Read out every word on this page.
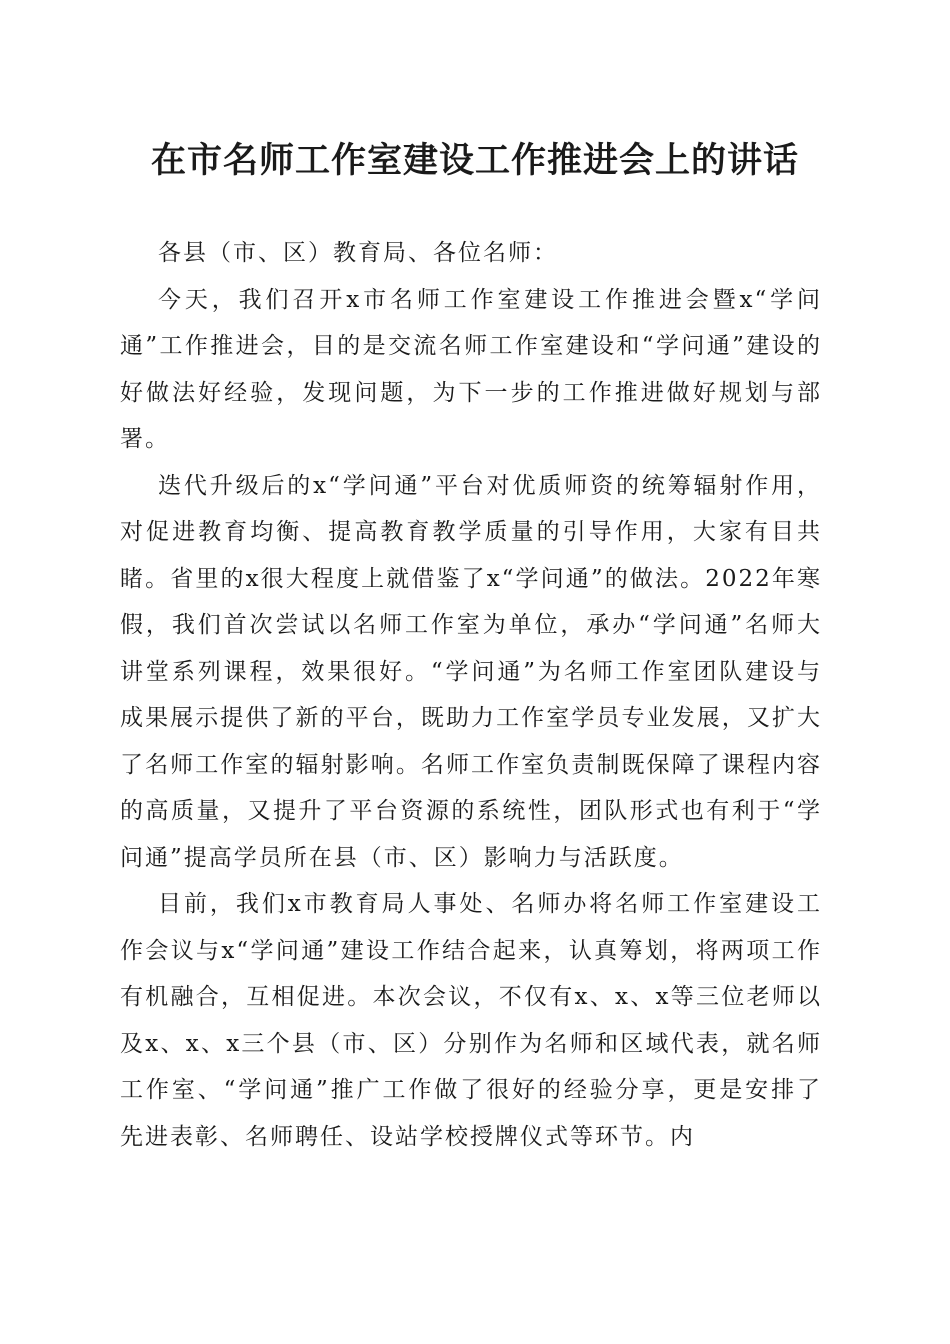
在市名师工作室建设工作推进会上的讲话

各县（市、区）教育局、各位名师：

今天，我们召开x市名师工作室建设工作推进会暨x“学问通”工作推进会，目的是交流名师工作室建设和“学问通”建设的好做法好经验，发现问题，为下一步的工作推进做好规划与部署。

迭代升级后的x“学问通”平台对优质师资的统筹辐射作用，对促进教育均衡、提高教育教学质量的引导作用，大家有目共睹。省里的x很大程度上就借鉴了x“学问通”的做法。2022年寒假，我们首次尝试以名师工作室为单位，承办“学问通”名师大讲堂系列课程，效果很好。“学问通”为名师工作室团队建设与成果展示提供了新的平台，既助力工作室学员专业发展，又扩大了名师工作室的辐射影响。名师工作室负责制既保障了课程内容的高质量，又提升了平台资源的系统性，团队形式也有利于“学问通”提高学员所在县（市、区）影响力与活跃度。

目前，我们x市教育局人事处、名师办将名师工作室建设工作会议与x“学问通”建设工作结合起来，认真筹划，将两项工作有机融合，互相促进。本次会议，不仅有x、x、x等三位老师以及x、x、x三个县（市、区）分别作为名师和区域代表，就名师工作室、“学问通”推广工作做了很好的经验分享，更是安排了先进表彰、名师聘任、设站学校授牌仪式等环节。内
